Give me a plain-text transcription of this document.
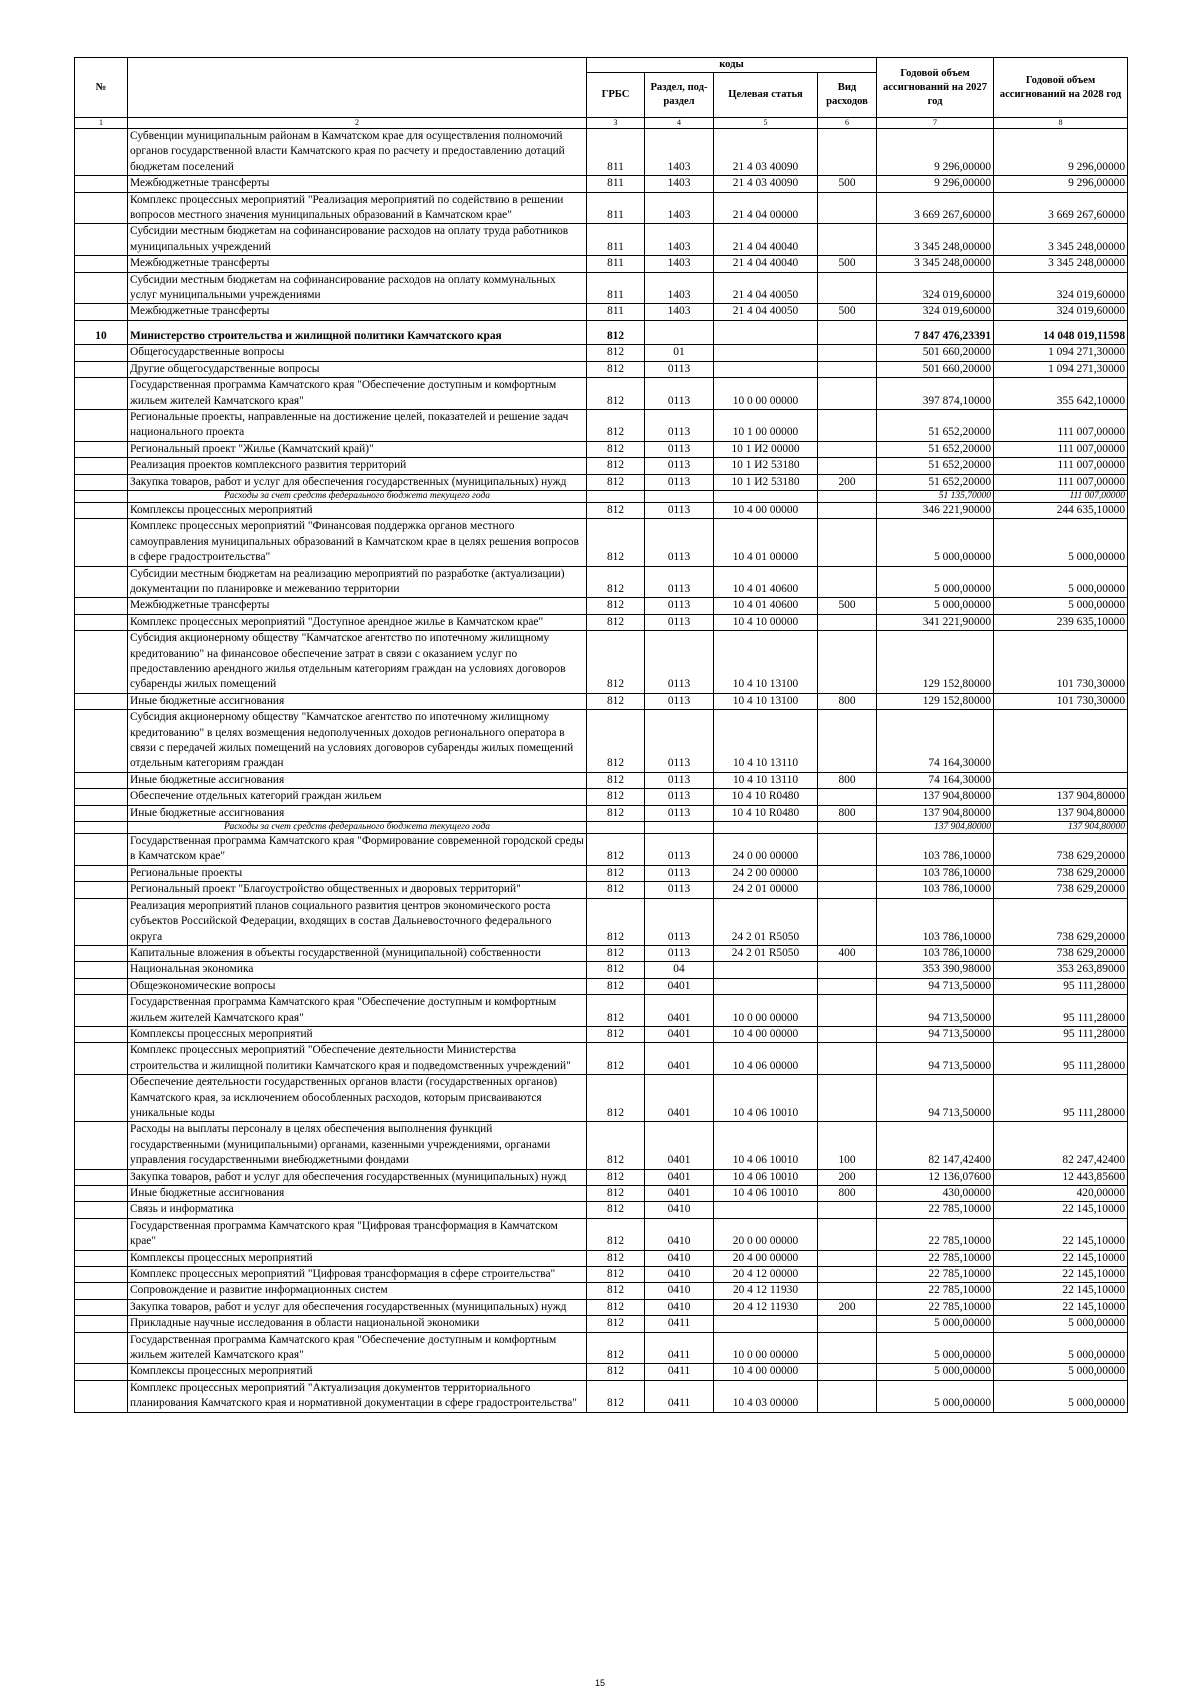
№		коды				Годовой объем ассигнований на 2027 год	Годовой объем ассигнований на 2028 год
		ГРБС	Раздел, под-раздел	Целевая статья	Вид расходов		
1	2	3	4	5	6	7	8
	Субвенции муниципальным районам в Камчатском крае для осуществления полномочий органов государственной власти Камчатского края по расчету и предоставлению дотаций бюджетам поселений	811	1403	21 4 03 40090		9 296,00000	9 296,00000
	Межбюджетные трансферты	811	1403	21 4 03 40090	500	9 296,00000	9 296,00000
	Комплекс процессных мероприятий "Реализация мероприятий по содействию в решении вопросов местного значения муниципальных образований в Камчатском крае"	811	1403	21 4 04 00000		3 669 267,60000	3 669 267,60000
	Субсидии местным бюджетам на софинансирование расходов на оплату труда работников муниципальных учреждений	811	1403	21 4 04 40040		3 345 248,00000	3 345 248,00000
	Межбюджетные трансферты	811	1403	21 4 04 40040	500	3 345 248,00000	3 345 248,00000
	Субсидии местным бюджетам на софинансирование расходов на оплату коммунальных услуг муниципальными учреждениями	811	1403	21 4 04 40050		324 019,60000	324 019,60000
	Межбюджетные трансферты	811	1403	21 4 04 40050	500	324 019,60000	324 019,60000
10	Министерство строительства и жилищной политики Камчатского края	812				7 847 476,23391	14 048 019,11598
	Общегосударственные вопросы	812	01			501 660,20000	1 094 271,30000
	Другие общегосударственные вопросы	812	0113			501 660,20000	1 094 271,30000
	Государственная программа Камчатского края "Обеспечение доступным и комфортным жильем жителей Камчатского края"	812	0113	10 0 00 00000		397 874,10000	355 642,10000
	Региональные проекты, направленные на достижение целей, показателей и решение задач национального проекта	812	0113	10 1 00 00000		51 652,20000	111 007,00000
	Региональный проект "Жилье (Камчатский край)"	812	0113	10 1 И2 00000		51 652,20000	111 007,00000
	Реализация проектов комплексного развития территорий	812	0113	10 1 И2 53180		51 652,20000	111 007,00000
	Закупка товаров, работ и услуг для обеспечения государственных (муниципальных) нужд	812	0113	10 1 И2 53180	200	51 652,20000	111 007,00000
	Расходы за счет средств федерального бюджета текущего года					51 135,70000	111 007,00000
	Комплексы процессных мероприятий	812	0113	10 4 00 00000		346 221,90000	244 635,10000
	Комплекс процессных мероприятий "Финансовая поддержка органов местного самоуправления муниципальных образований в Камчатском крае в целях решения вопросов в сфере градостроительства"	812	0113	10 4 01 00000		5 000,00000	5 000,00000
	Субсидии местным бюджетам на реализацию мероприятий по разработке (актуализации) документации по планировке и межеванию территории	812	0113	10 4 01 40600		5 000,00000	5 000,00000
	Межбюджетные трансферты	812	0113	10 4 01 40600	500	5 000,00000	5 000,00000
	Комплекс процессных мероприятий "Доступное арендное жилье в Камчатском крае"	812	0113	10 4 10 00000		341 221,90000	239 635,10000
	Субсидия акционерному обществу "Камчатское агентство по ипотечному жилищному кредитованию" на финансовое обеспечение затрат в связи с оказанием услуг по предоставлению арендного жилья отдельным категориям граждан на условиях договоров субаренды жилых помещений	812	0113	10 4 10 13100		129 152,80000	101 730,30000
	Иные бюджетные ассигнования	812	0113	10 4 10 13100	800	129 152,80000	101 730,30000
	Субсидия акционерному обществу "Камчатское агентство по ипотечному жилищному кредитованию" в целях возмещения недополученных доходов регионального оператора в связи с передачей жилых помещений на условиях договоров субаренды жилых помещений отдельным категориям граждан	812	0113	10 4 10 13110		74 164,30000	
	Иные бюджетные ассигнования	812	0113	10 4 10 13110	800	74 164,30000	
	Обеспечение отдельных категорий граждан жильем	812	0113	10 4 10 R0480		137 904,80000	137 904,80000
	Иные бюджетные ассигнования	812	0113	10 4 10 R0480	800	137 904,80000	137 904,80000
	Расходы за счет средств федерального бюджета текущего года					137 904,80000	137 904,80000
	Государственная программа Камчатского края "Формирование современной городской среды в Камчатском крае"	812	0113	24 0 00 00000		103 786,10000	738 629,20000
	Региональные проекты	812	0113	24 2 00 00000		103 786,10000	738 629,20000
	Региональный проект "Благоустройство общественных и дворовых территорий"	812	0113	24 2 01 00000		103 786,10000	738 629,20000
	Реализация мероприятий планов социального развития центров экономического роста субъектов Российской Федерации, входящих в состав Дальневосточного федерального округа	812	0113	24 2 01 R5050		103 786,10000	738 629,20000
	Капитальные вложения в объекты государственной (муниципальной) собственности	812	0113	24 2 01 R5050	400	103 786,10000	738 629,20000
	Национальная экономика	812	04			353 390,98000	353 263,89000
	Общеэкономические вопросы	812	0401			94 713,50000	95 111,28000
	Государственная программа Камчатского края "Обеспечение доступным и комфортным жильем жителей Камчатского края"	812	0401	10 0 00 00000		94 713,50000	95 111,28000
	Комплексы процессных мероприятий	812	0401	10 4 00 00000		94 713,50000	95 111,28000
	Комплекс процессных мероприятий "Обеспечение деятельности Министерства строительства и жилищной политики Камчатского края и подведомственных учреждений"	812	0401	10 4 06 00000		94 713,50000	95 111,28000
	Обеспечение деятельности государственных органов власти (государственных органов) Камчатского края, за исключением обособленных расходов, которым присваиваются уникальные коды	812	0401	10 4 06 10010		94 713,50000	95 111,28000
	Расходы на выплаты персоналу в целях обеспечения выполнения функций государственными (муниципальными) органами, казенными учреждениями, органами управления государственными внебюджетными фондами	812	0401	10 4 06 10010	100	82 147,42400	82 247,42400
	Закупка товаров, работ и услуг для обеспечения государственных (муниципальных) нужд	812	0401	10 4 06 10010	200	12 136,07600	12 443,85600
	Иные бюджетные ассигнования	812	0401	10 4 06 10010	800	430,00000	420,00000
	Связь и информатика	812	0410			22 785,10000	22 145,10000
	Государственная программа Камчатского края "Цифровая трансформация в Камчатском крае"	812	0410	20 0 00 00000		22 785,10000	22 145,10000
	Комплексы процессных мероприятий	812	0410	20 4 00 00000		22 785,10000	22 145,10000
	Комплекс процессных мероприятий "Цифровая трансформация в сфере строительства"	812	0410	20 4 12 00000		22 785,10000	22 145,10000
	Сопровождение и развитие информационных систем	812	0410	20 4 12 11930		22 785,10000	22 145,10000
	Закупка товаров, работ и услуг для обеспечения государственных (муниципальных) нужд	812	0410	20 4 12 11930	200	22 785,10000	22 145,10000
	Прикладные научные исследования в области национальной экономики	812	0411			5 000,00000	5 000,00000
	Государственная программа Камчатского края "Обеспечение доступным и комфортным жильем жителей Камчатского края"	812	0411	10 0 00 00000		5 000,00000	5 000,00000
	Комплексы процессных мероприятий	812	0411	10 4 00 00000		5 000,00000	5 000,00000
	Комплекс процессных мероприятий "Актуализация документов территориального планирования Камчатского края и нормативной документации в сфере градостроительства"	812	0411	10 4 03 00000		5 000,00000	5 000,00000
15
